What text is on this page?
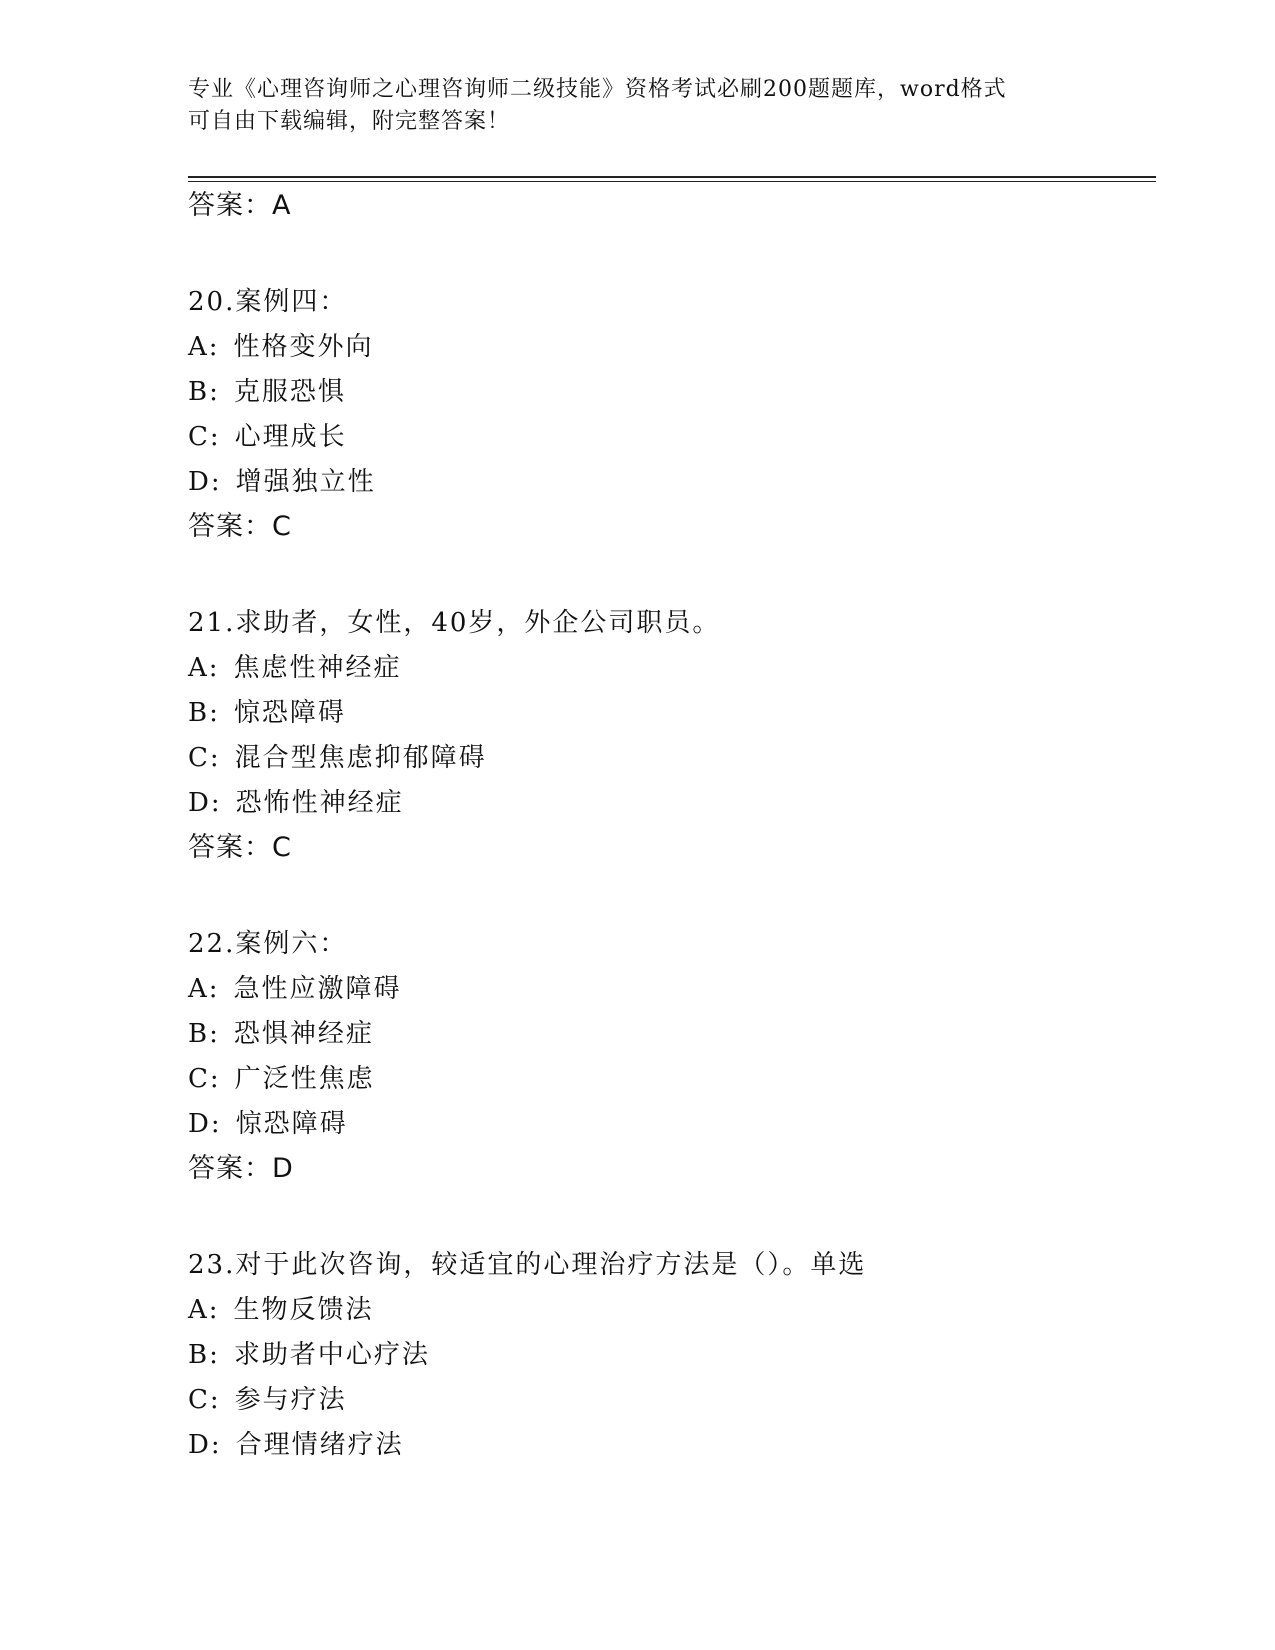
专业《心理咨询师之心理咨询师二级技能》资格考试必刷200题题库，word格式
可自由下载编辑，附完整答案！
答案：A
20.案例四：
A: 性格变外向
B: 克服恐惧
C: 心理成长
D: 增强独立性
答案：C
21.求助者，女性，40岁，外企公司职员。
A: 焦虑性神经症
B: 惊恐障碍
C: 混合型焦虑抑郁障碍
D: 恐怖性神经症
答案：C
22.案例六：
A: 急性应激障碍
B: 恐惧神经症
C: 广泛性焦虑
D: 惊恐障碍
答案：D
23.对于此次咨询，较适宜的心理治疗方法是（）。单选
A: 生物反馈法
B: 求助者中心疗法
C: 参与疗法
D: 合理情绪疗法
